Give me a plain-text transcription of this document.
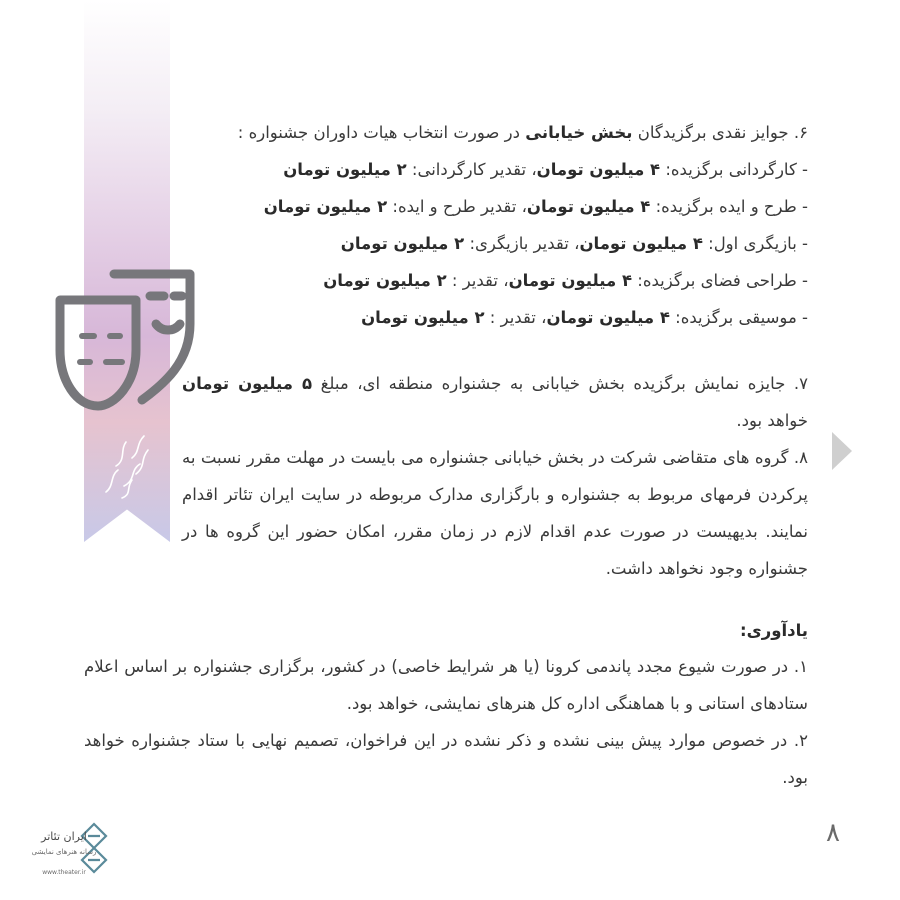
۶. جوایز نقدی برگزیدگان بخش خیابانی در صورت انتخاب هیات داوران جشنواره :

- کارگردانی برگزیده: ۴ میلیون تومان، تقدیر کارگردانی: ۲ میلیون تومان

- طرح و ایده برگزیده: ۴ میلیون تومان، تقدیر طرح و ایده: ۲ میلیون تومان

- بازیگری اول: ۴ میلیون تومان، تقدیر بازیگری: ۲ میلیون تومان

- طراحی فضای برگزیده: ۴ میلیون تومان، تقدیر : ۲ میلیون تومان

- موسیقی برگزیده: ۴ میلیون تومان، تقدیر : ۲ میلیون تومان

۷. جایزه نمایش برگزیده بخش خیابانی به جشنواره منطقه ای، مبلغ ۵ میلیون تومان خواهد بود.

۸. گروه های متقاضی شرکت در بخش خیابانی جشنواره می بایست در مهلت مقرر نسبت به پرکردن فرمهای مربوط به جشنواره و بارگزاری مدارک مربوطه در سایت ایران تئاتر اقدام نمایند. بدیهیست در صورت عدم اقدام لازم در زمان مقرر، امکان حضور این گروه ها در جشنواره وجود نخواهد داشت.

یادآوری:

۱. در صورت شیوع مجدد پاندمی کرونا (یا هر شرایط خاصی) در کشور، برگزاری جشنواره بر اساس اعلام ستادهای استانی و با هماهنگی اداره کل هنرهای نمایشی، خواهد بود.

۲. در خصوص موارد پیش بینی نشده و ذکر نشده در این فراخوان، تصمیم نهایی با ستاد جشنواره خواهد بود.

۸
ایران تئاتر
رسانه هنرهای نمایشی
www.theater.ir
